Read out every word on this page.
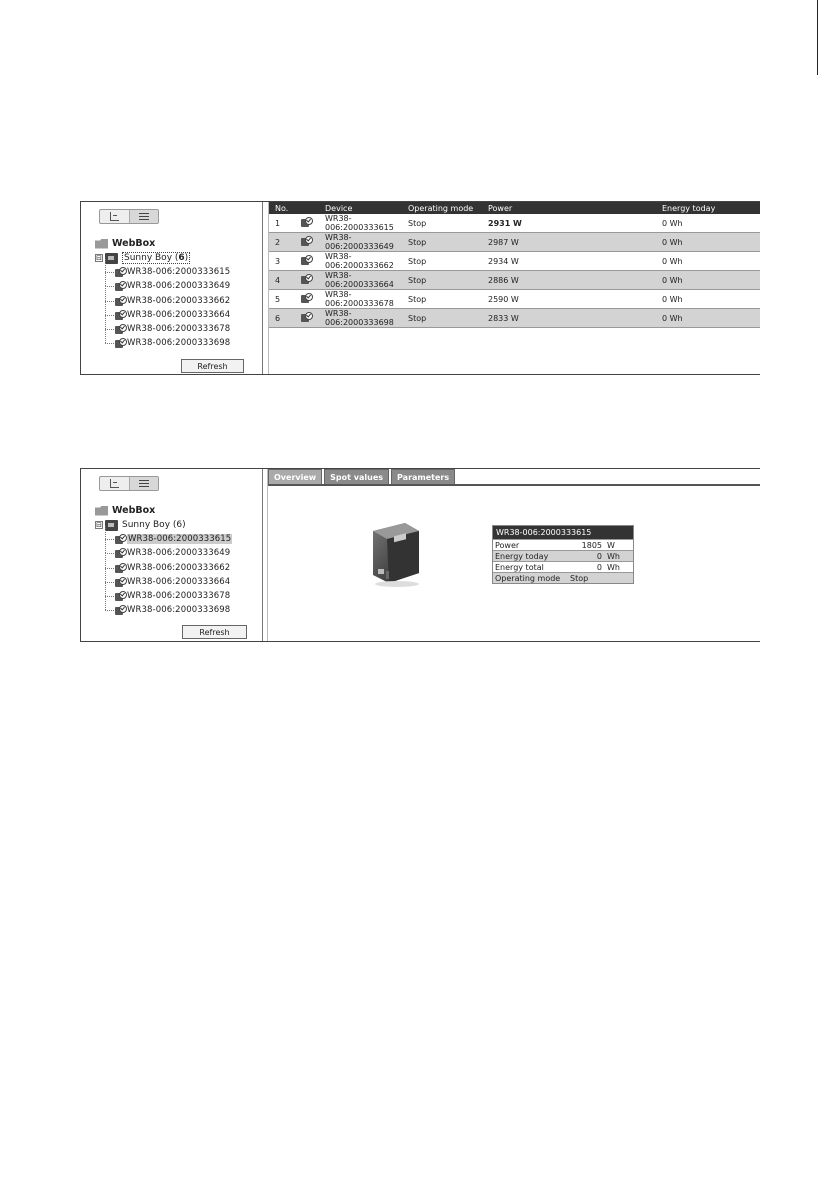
WebBox
⊟ Sunny Boy (6)
WR38-006:2000333615
WR38-006:2000333649
WR38-006:2000333662
WR38-006:2000333664
WR38-006:2000333678
WR38-006:2000333698
Refresh
No.		Device	Operating mode	Power	Energy today
1		WR38-
006:2000333615	Stop	2931 W	0 Wh
2		WR38-
006:2000333649	Stop	2987 W	0 Wh
3		WR38-
006:2000333662	Stop	2934 W	0 Wh
4		WR38-
006:2000333664	Stop	2886 W	0 Wh
5		WR38-
006:2000333678	Stop	2590 W	0 Wh
6		WR38-
006:2000333698	Stop	2833 W	0 Wh
WebBox
⊟ Sunny Boy (6)
WR38-006:2000333615
WR38-006:2000333649
WR38-006:2000333662
WR38-006:2000333664
WR38-006:2000333678
WR38-006:2000333698
Refresh
Overview	Spot values	Parameters
WR38-006:2000333615
Power	1805 W
Energy today	0 Wh
Energy total	0 Wh
Operating mode	Stop
